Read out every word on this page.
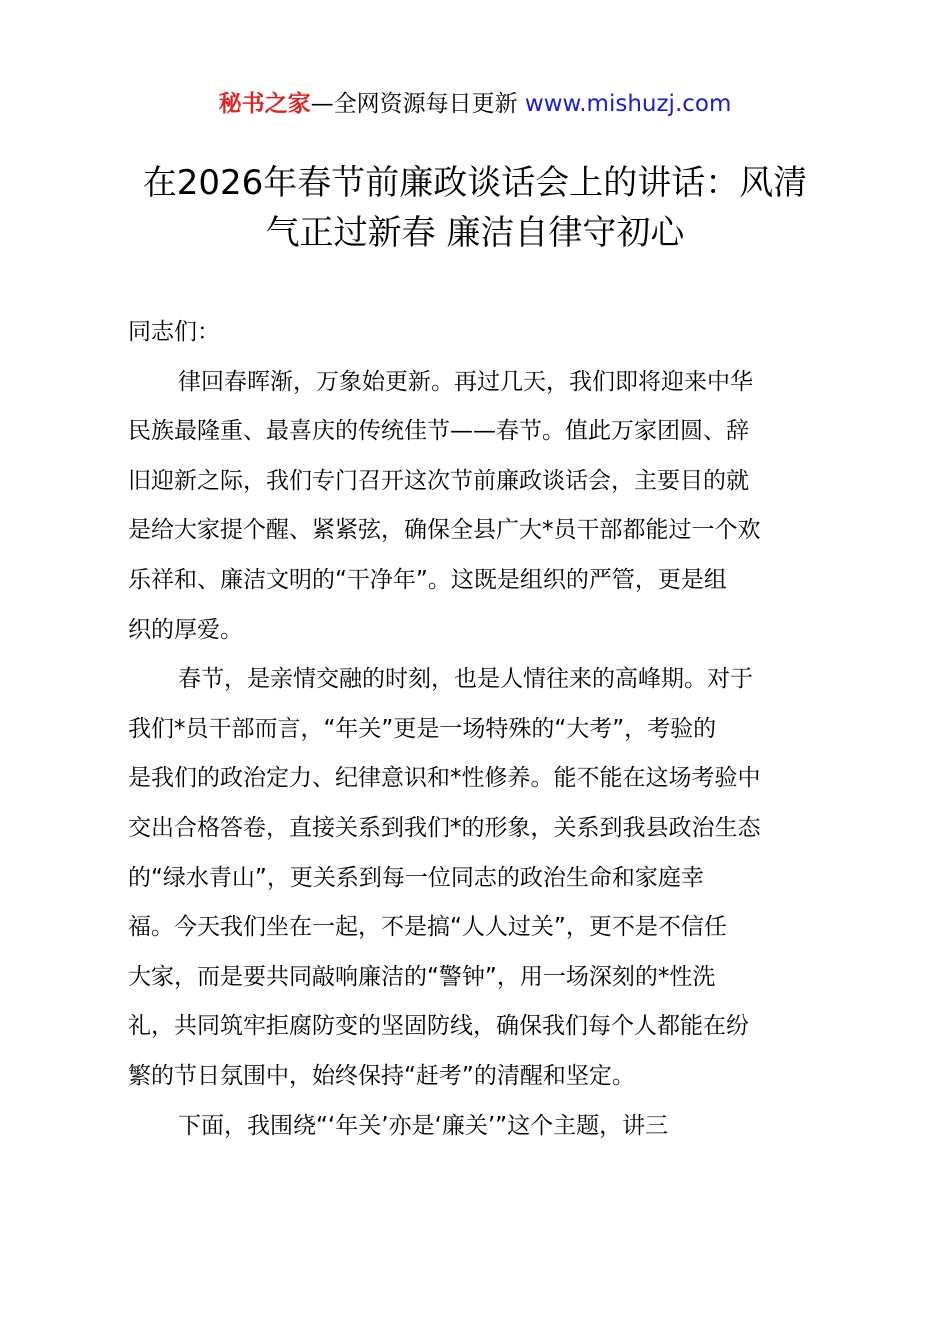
秘书之家—全网资源每日更新 www.mishuzj.com
在2026年春节前廉政谈话会上的讲话：风清
气正过新春 廉洁自律守初心

同志们：

律回春晖渐，万象始更新。再过几天，我们即将迎来中华
民族最隆重、最喜庆的传统佳节——春节。值此万家团圆、辞
旧迎新之际，我们专门召开这次节前廉政谈话会，主要目的就
是给大家提个醒、紧紧弦，确保全县广大*员干部都能过一个欢
乐祥和、廉洁文明的“干净年”。这既是组织的严管，更是组
织的厚爱。
春节，是亲情交融的时刻，也是人情往来的高峰期。对于
我们*员干部而言，“年关”更是一场特殊的“大考”，考验的
是我们的政治定力、纪律意识和*性修养。能不能在这场考验中
交出合格答卷，直接关系到我们*的形象，关系到我县政治生态
的“绿水青山”，更关系到每一位同志的政治生命和家庭幸
福。今天我们坐在一起，不是搞“人人过关”，更不是不信任
大家，而是要共同敲响廉洁的“警钟”，用一场深刻的*性洗
礼，共同筑牢拒腐防变的坚固防线，确保我们每个人都能在纷
繁的节日氛围中，始终保持“赶考”的清醒和坚定。
下面，我围绕“‘年关’亦是‘廉关’”这个主题，讲三
